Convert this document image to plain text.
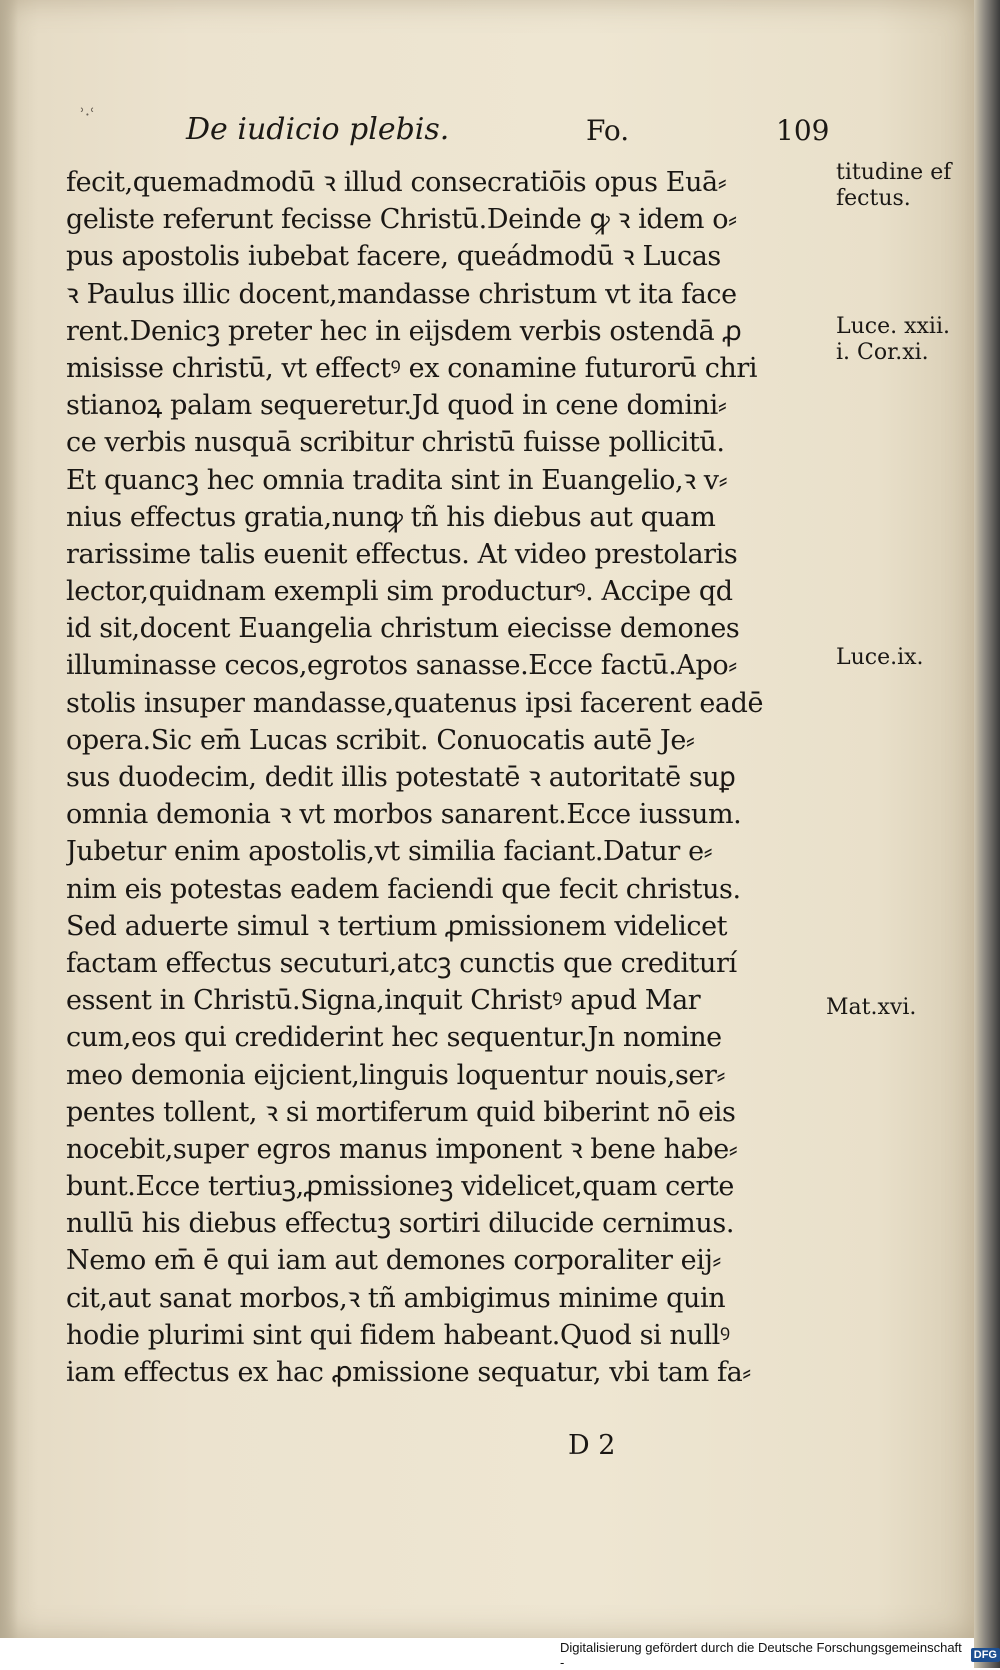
ʾ·ʿ	De iudicio plebis.	Fo.	109
fecit,quemadmodū ꝛ illud consecratiōis opus Euā⸗
geliste referunt fecisse Christū.Deinde ꝙ ꝛ idem o⸗
pus apostolis iubebat facere, queádmodū ꝛ Lucas
ꝛ Paulus illic docent,mandasse christum vt ita face
rent.Denicꝫ preter hec in eijsdem verbis ostendā ꝓ
misisse christū, vt effectꝰ ex conamine futurorū chri
stianoꝝ palam sequeretur.Jd quod in cene domini⸗
ce verbis nusquā scribitur christū fuisse pollicitū.
Et quancꝫ hec omnia tradita sint in Euangelio,ꝛ v⸗
nius effectus gratia,nunꝙ tñ his diebus aut quam
rarissime talis euenit effectus. At video prestolaris
lector,quidnam exempli sim producturꝰ. Accipe qd
id sit,docent Euangelia christum eiecisse demones
illuminasse cecos,egrotos sanasse.Ecce factū.Apo⸗
stolis insuper mandasse,quatenus ipsi facerent eadē
opera.Sic em̄ Lucas scribit. Conuocatis autē Je⸗
sus duodecim, dedit illis potestatē ꝛ autoritatē suꝑ
omnia demonia ꝛ vt morbos sanarent.Ecce iussum.
Jubetur enim apostolis,vt similia faciant.Datur e⸗
nim eis potestas eadem faciendi que fecit christus.
Sed aduerte simul ꝛ tertium ꝓmissionem videlicet
factam effectus secuturi,atcꝫ cunctis que crediturí
essent in Christū.Signa,inquit Christꝰ apud Mar
cum,eos qui crediderint hec sequentur.Jn nomine
meo demonia eijcient,linguis loquentur nouis,ser⸗
pentes tollent, ꝛ si mortiferum quid biberint nō eis
nocebit,super egros manus imponent ꝛ bene habe⸗
bunt.Ecce tertiuꝫ,ꝓmissioneꝫ videlicet,quam certe
nullū his diebus effectuꝫ sortiri dilucide cernimus.
Nemo em̄ ē qui iam aut demones corporaliter eij⸗
cit,aut sanat morbos,ꝛ tñ ambigimus minime quin
hodie plurimi sint qui fidem habeant.Quod si nullꝰ
iam effectus ex hac ꝓmissione sequatur, vbi tam fa⸗
titudine ef
fectus.
Luce. xxii.
i. Cor.xi.
Luce.ix.
Mat.xvi.
D 2
Digitalisierung gefördert durch die Deutsche Forschungsgemeinschaft -	DFG
